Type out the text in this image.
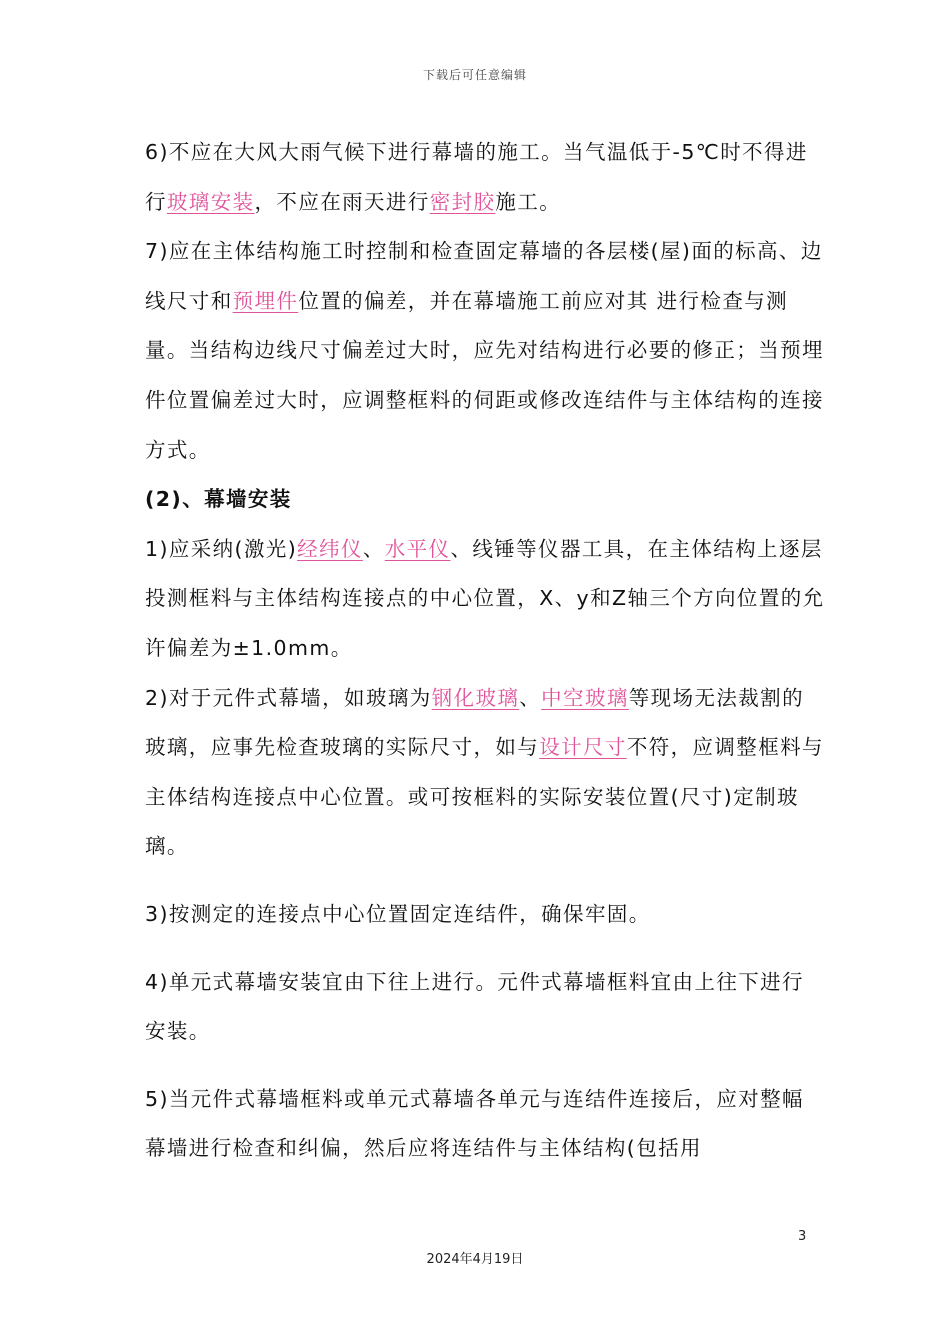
下载后可任意编辑

6)不应在大风大雨气候下进行幕墙的施工。当气温低于-5℃时不得进行玻璃安装，不应在雨天进行密封胶施工。

7)应在主体结构施工时控制和检查固定幕墙的各层楼(屋)面的标高、边线尺寸和预埋件位置的偏差，并在幕墙施工前应对其 进行检查与测量。当结构边线尺寸偏差过大时，应先对结构进行必要的修正；当预埋件位置偏差过大时，应调整框料的伺距或修改连结件与主体结构的连接方式。

(2)、幕墙安装

1)应采纳(激光)经纬仪、水平仪、线锤等仪器工具，在主体结构上逐层投测框料与主体结构连接点的中心位置，X、y和Z轴三个方向位置的允许偏差为±1.0mm。

2)对于元件式幕墙，如玻璃为钢化玻璃、中空玻璃等现场无法裁割的玻璃，应事先检查玻璃的实际尺寸，如与设计尺寸不符，应调整框料与主体结构连接点中心位置。或可按框料的实际安装位置(尺寸)定制玻璃。

3)按测定的连接点中心位置固定连结件，确保牢固。

4)单元式幕墙安装宜由下往上进行。元件式幕墙框料宜由上往下进行安装。

5)当元件式幕墙框料或单元式幕墙各单元与连结件连接后，应对整幅幕墙进行检查和纠偏，然后应将连结件与主体结构(包括用

3
2024年4月19日
